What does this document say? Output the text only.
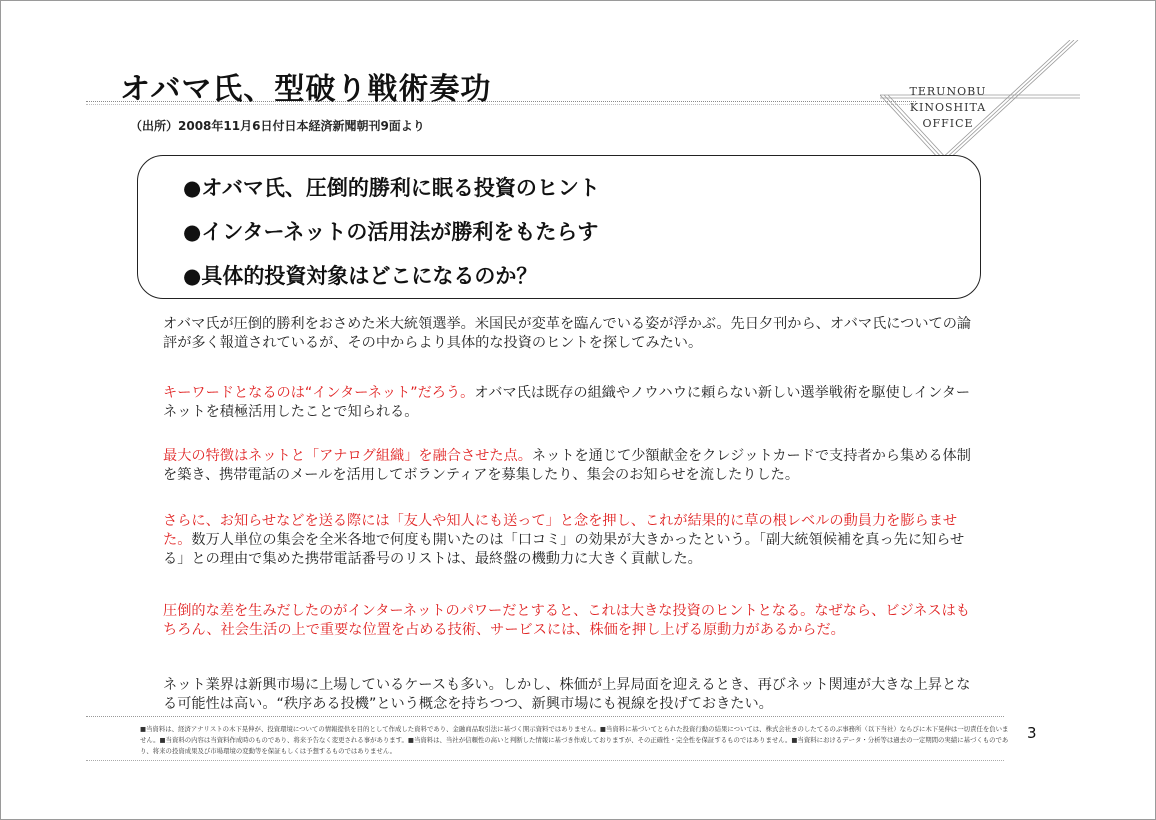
オバマ氏、型破り戦術奏功
（出所）2008年11月6日付日本経済新聞朝刊9面より
TERUNOBU
KINOSHITA
OFFICE
●オバマ氏、圧倒的勝利に眠る投資のヒント
●インターネットの活用法が勝利をもたらす
●具体的投資対象はどこになるのか？
オバマ氏が圧倒的勝利をおさめた米大統領選挙。米国民が変革を臨んでいる姿が浮かぶ。先日夕刊から、オバマ氏についての論評が多く報道されているが、その中からより具体的な投資のヒントを探してみたい。
キーワードとなるのは“インターネット”だろう。オバマ氏は既存の組織やノウハウに頼らない新しい選挙戦術を駆使しインターネットを積極活用したことで知られる。
最大の特徴はネットと「アナログ組織」を融合させた点。ネットを通じて少額献金をクレジットカードで支持者から集める体制を築き、携帯電話のメールを活用してボランティアを募集したり、集会のお知らせを流したりした。
さらに、お知らせなどを送る際には「友人や知人にも送って」と念を押し、これが結果的に草の根レベルの動員力を膨らませた。数万人単位の集会を全米各地で何度も開いたのは「口コミ」の効果が大きかったという。「副大統領候補を真っ先に知らせる」との理由で集めた携帯電話番号のリストは、最終盤の機動力に大きく貢献した。
圧倒的な差を生みだしたのがインターネットのパワーだとすると、これは大きな投資のヒントとなる。なぜなら、ビジネスはもちろん、社会生活の上で重要な位置を占める技術、サービスには、株価を押し上げる原動力があるからだ。
ネット業界は新興市場に上場しているケースも多い。しかし、株価が上昇局面を迎えるとき、再びネット関連が大きな上昇となる可能性は高い。“秩序ある投機”という概念を持ちつつ、新興市場にも視線を投げておきたい。
■当資料は、経済アナリストの木下晃伸が、投資環境についての情報提供を目的として作成した資料であり、金融商品取引法に基づく開示資料ではありません。■当資料に基づいてとられた投資行動の結果については、株式会社きのしたてるのぶ事務所（以下当社）ならびに木下晃伸は一切責任を負いません。■当資料の内容は当資料作成時のものであり、将来予告なく変更される事があります。■当資料は、当社が信頼性の高いと判断した情報に基づき作成しておりますが、その正確性・完全性を保証するものではありません。■当資料におけるデータ・分析等は過去の一定期間の実績に基づくものであり、将来の投資成果及び市場環境の変動等を保証もしくは予想するものではありません。
3
